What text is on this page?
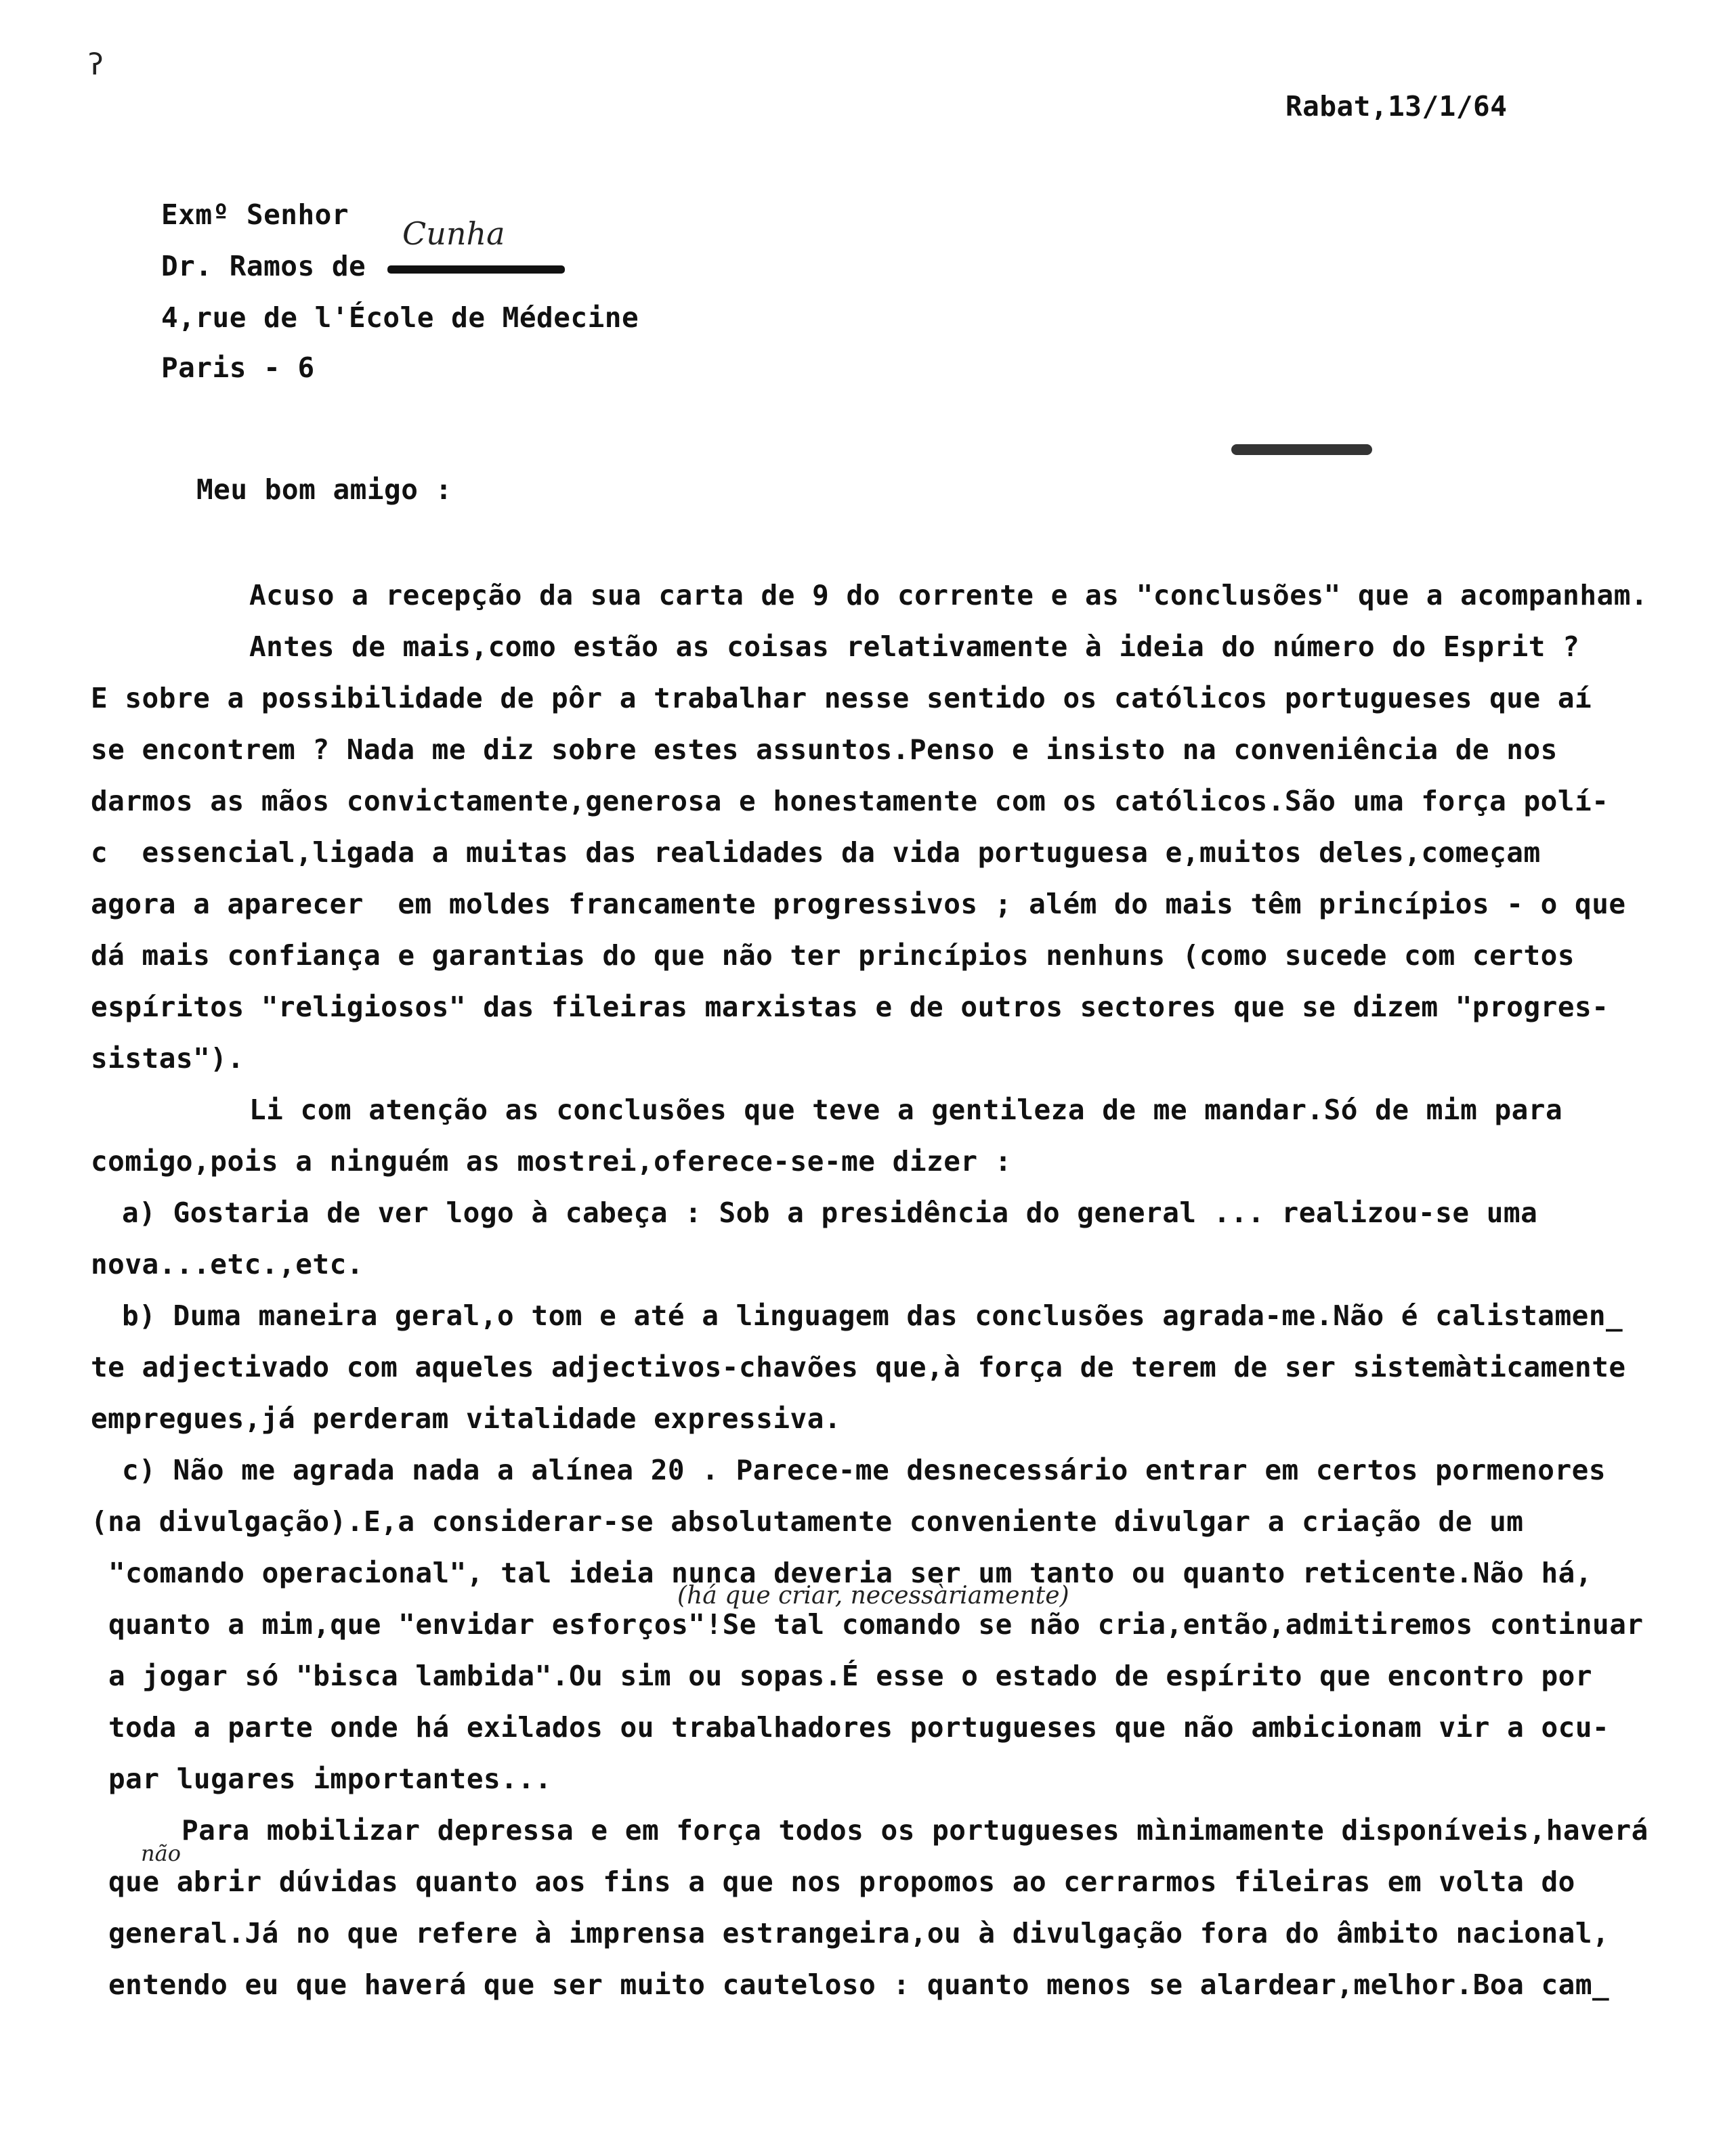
ʔ
Rabat,13/1/64
Exmº Senhor
Cunha
Dr. Ramos de
4,rue de l'École de Médecine
Paris - 6
Meu bom amigo :
Acuso a recepção da sua carta de 9 do corrente e as "conclusões" que a acompanham.
Antes de mais,como estão as coisas relativamente à ideia do número do Esprit ?
E sobre a possibilidade de pôr a trabalhar nesse sentido os católicos portugueses que aí
se encontrem ? Nada me diz sobre estes assuntos.Penso e insisto na conveniência de nos
darmos as mãos convictamente,generosa e honestamente com os católicos.São uma força polí-
c  essencial,ligada a muitas das realidades da vida portuguesa e,muitos deles,começam
agora a aparecer  em moldes francamente progressivos ; além do mais têm princípios - o que
dá mais confiança e garantias do que não ter princípios nenhuns (como sucede com certos
espíritos "religiosos" das fileiras marxistas e de outros sectores que se dizem "progres-
sistas").
Li com atenção as conclusões que teve a gentileza de me mandar.Só de mim para
comigo,pois a ninguém as mostrei,oferece-se-me dizer :
a) Gostaria de ver logo à cabeça : Sob a presidência do general ... realizou-se uma
nova...etc.,etc.
b) Duma maneira geral,o tom e até a linguagem das conclusões agrada-me.Não é calistamen_
te adjectivado com aqueles adjectivos-chavões que,à força de terem de ser sistemàticamente
empregues,já perderam vitalidade expressiva.
c) Não me agrada nada a alínea 20 . Parece-me desnecessário entrar em certos pormenores
(na divulgação).E,a considerar-se absolutamente conveniente divulgar a criação de um
"comando operacional", tal ideia nunca deveria ser um tanto ou quanto reticente.Não há,
(há que criar, necessàriamente)
quanto a mim,que "envidar esforços"!Se tal comando se não cria,então,admitiremos continuar
a jogar só "bisca lambida".Ou sim ou sopas.É esse o estado de espírito que encontro por
toda a parte onde há exilados ou trabalhadores portugueses que não ambicionam vir a ocu-
par lugares importantes...
Para mobilizar depressa e em força todos os portugueses mìnimamente disponíveis,haverá
não
que abrir dúvidas quanto aos fins a que nos propomos ao cerrarmos fileiras em volta do
general.Já no que refere à imprensa estrangeira,ou à divulgação fora do âmbito nacional,
entendo eu que haverá que ser muito cauteloso : quanto menos se alardear,melhor.Boa cam_
